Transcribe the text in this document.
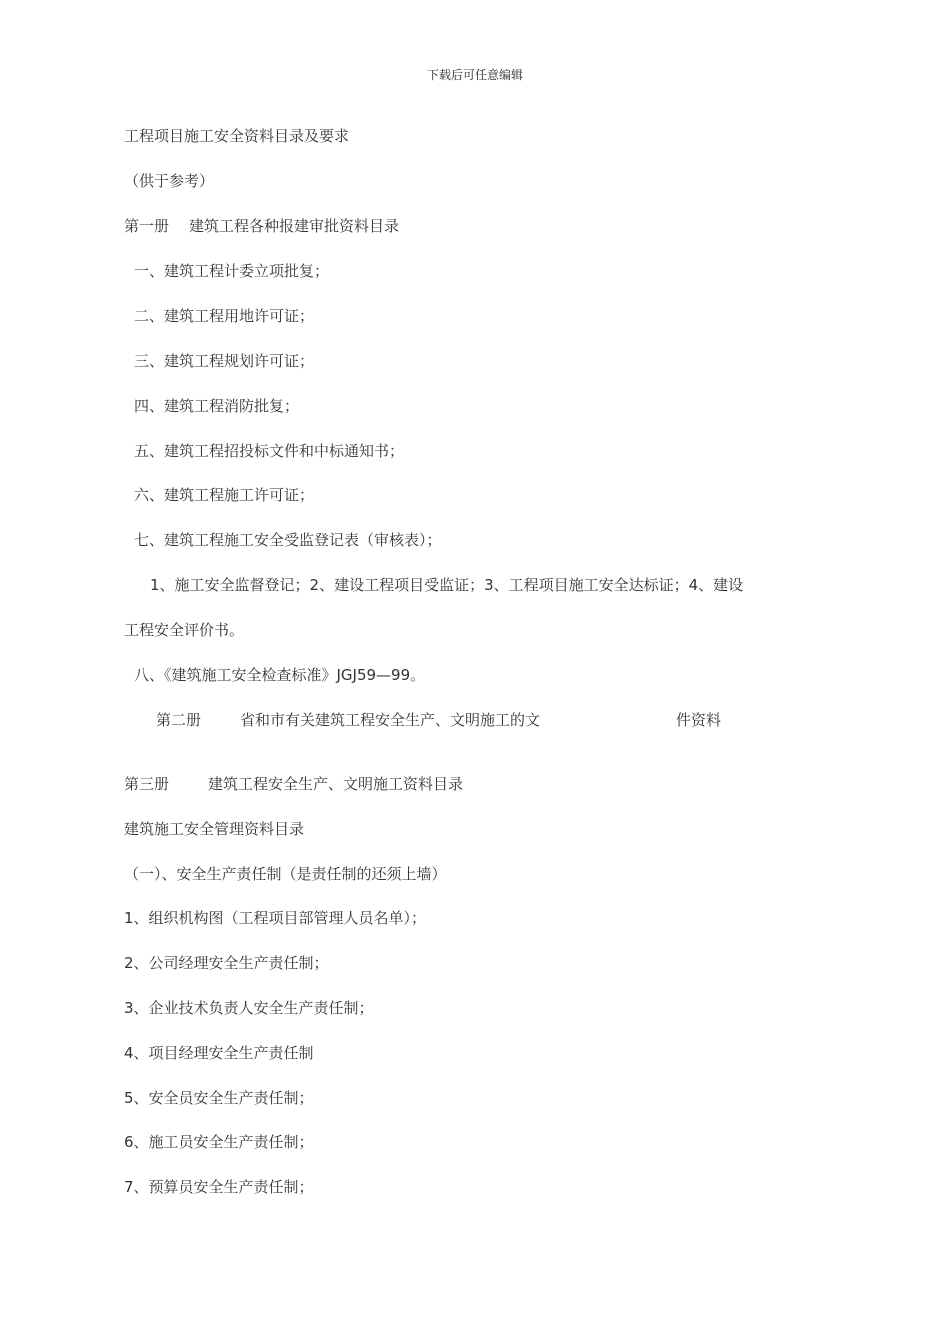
下载后可任意编辑
工程项目施工安全资料目录及要求
（供于参考）
第一册 建筑工程各种报建审批资料目录
一、建筑工程计委立项批复；
二、建筑工程用地许可证；
三、建筑工程规划许可证；
四、建筑工程消防批复；
五、建筑工程招投标文件和中标通知书；
六、建筑工程施工许可证；
七、建筑工程施工安全受监登记表（审核表）；
1、施工安全监督登记；2、建设工程项目受监证；3、工程项目施工安全达标证；4、建设
工程安全评价书。
八、《建筑施工安全检查标准》JGJ59—99。
第二册	省和市有关建筑工程安全生产、文明施工的文	件资料
第三册	建筑工程安全生产、文明施工资料目录
建筑施工安全管理资料目录
（一）、安全生产责任制（是责任制的还须上墙）
1、组织机构图（工程项目部管理人员名单）；
2、公司经理安全生产责任制；
3、企业技术负责人安全生产责任制；
4、项目经理安全生产责任制
5、安全员安全生产责任制；
6、施工员安全生产责任制；
7、预算员安全生产责任制；
